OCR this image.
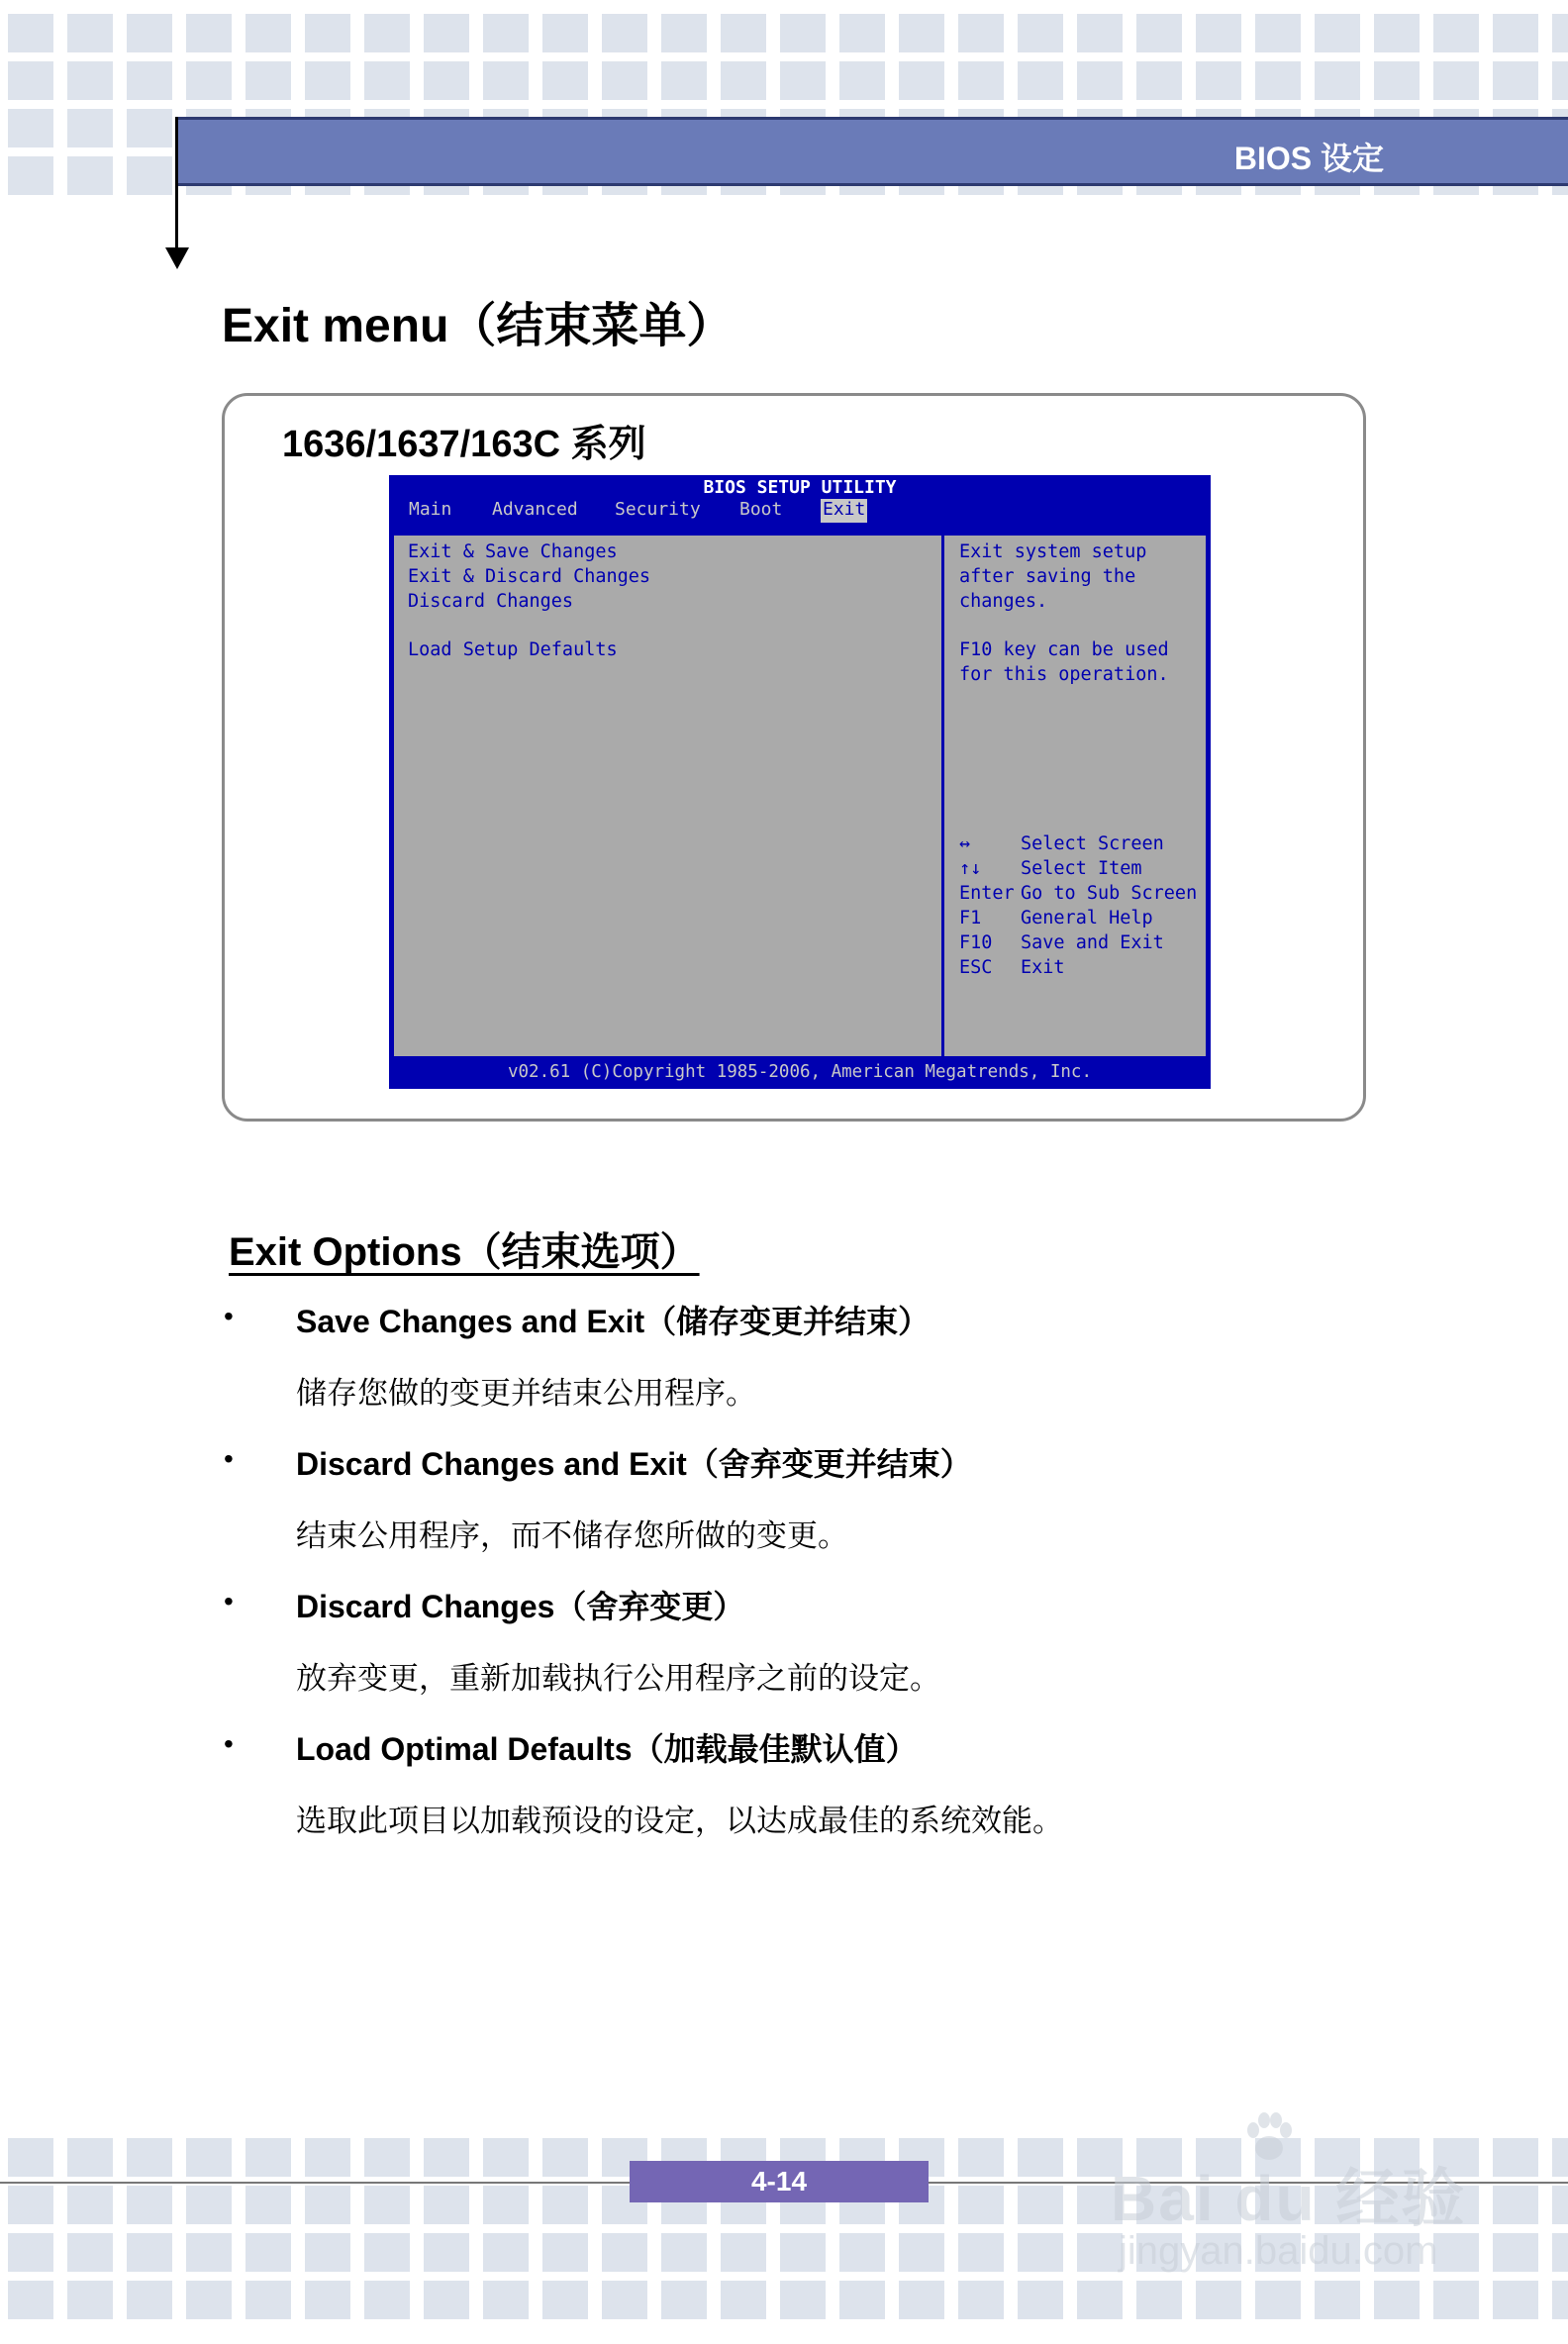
BIOS 设定
Exit menu（结束菜单）
1636/1637/163C 系列
BIOS SETUP UTILITY
Main	Advanced	Security	Boot	Exit
Exit & Save Changes
Exit & Discard Changes
Discard Changes
Load Setup Defaults
Exit system setup
after saving the
changes.
F10 key can be used
for this operation.
↔	Select Screen
↑↓ Select Item
Enter Go to Sub Screen
F1 General Help
F10 Save and Exit
ESC Exit
v02.61 (C)Copyright 1985-2006, American Megatrends, Inc.
Exit Options（结束选项）
• Save Changes and Exit（储存变更并结束）
储存您做的变更并结束公用程序。
• Discard Changes and Exit（舍弃变更并结束）
结束公用程序，而不储存您所做的变更。
• Discard Changes（舍弃变更）
放弃变更，重新加载执行公用程序之前的设定。
• Load Optimal Defaults（加载最佳默认值）
选取此项目以加载预设的设定，以达成最佳的系统效能。
4-14	Bai du 经验
jingyan.baidu.com
